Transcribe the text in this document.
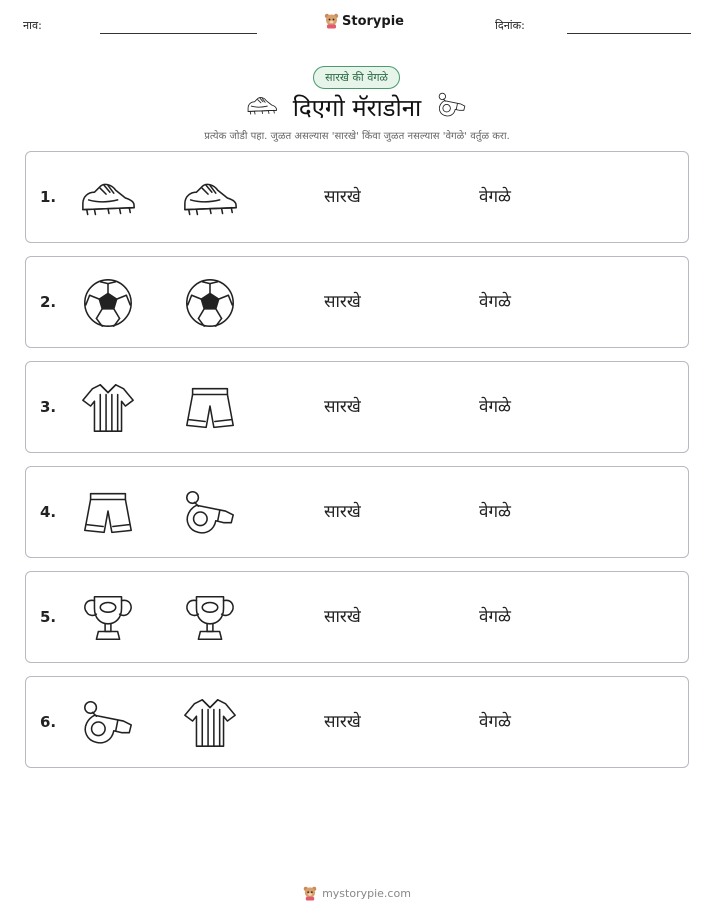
नाव:	Storypie	दिनांक:
सारखे की वेगळे
दिएगो मॅराडोना
प्रत्येक जोडी पहा. जुळत असल्यास 'सारखे' किंवा जुळत नसल्यास 'वेगळे' वर्तुळ करा.
1.	सारखे	वेगळे
2.	सारखे	वेगळे
3.	सारखे	वेगळे
4.	सारखे	वेगळे
5.	सारखे	वेगळे
6.	सारखे	वेगळे
mystorypie.com
